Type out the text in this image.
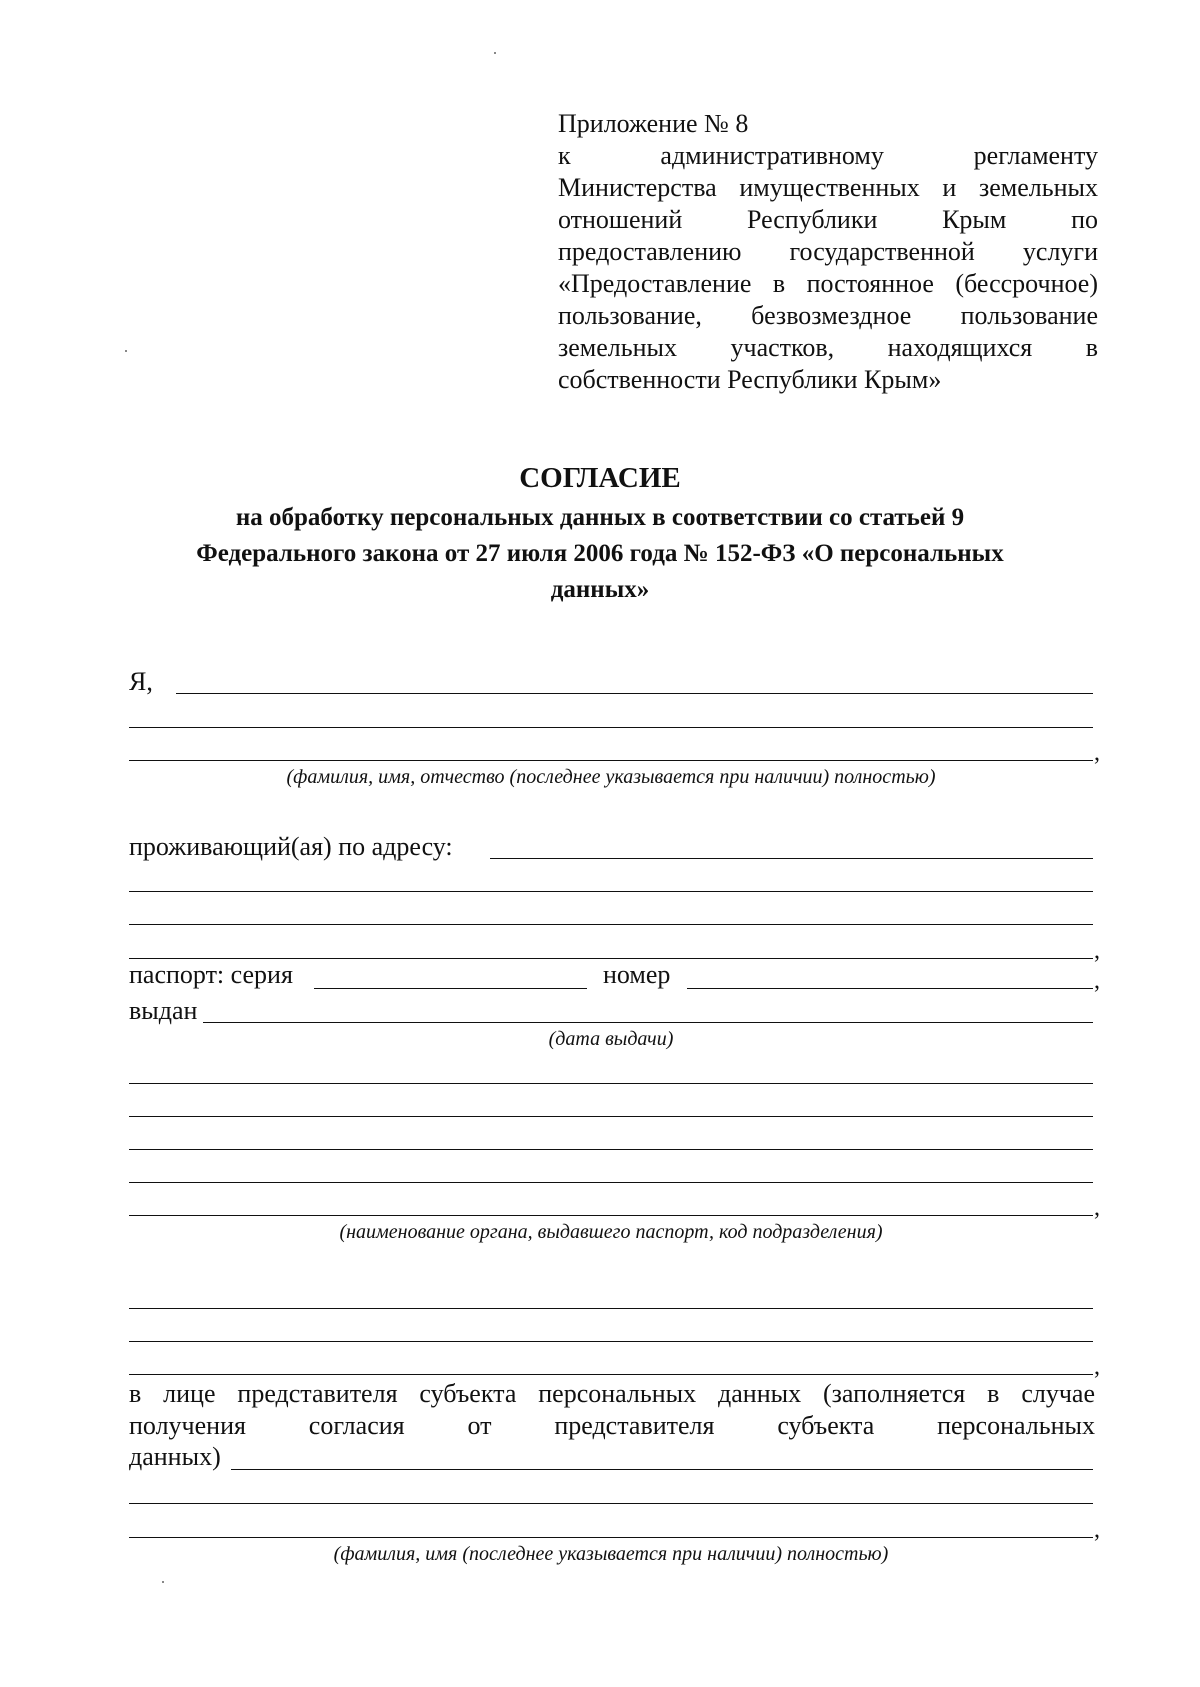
Приложение № 8
к административному регламенту
Министерства имущественных и земельных
отношений Республики Крым по
предоставлению государственной услуги
«Предоставление в постоянное (бессрочное)
пользование, безвозмездное пользование
земельных участков, находящихся в
собственности Республики Крым»
СОГЛАСИЕ
на обработку персональных данных в соответствии со статьей 9
Федерального закона от 27 июля 2006 года № 152-ФЗ «О персональных
данных»
Я,
,
(фамилия, имя, отчество (последнее указывается при наличии) полностью)
проживающий(ая) по адресу:
,
паспорт: серия	номер	,
выдан
(дата выдачи)
,
(наименование органа, выдавшего паспорт, код подразделения)
,
в лице представителя субъекта персональных данных (заполняется в случае
получения согласия от представителя субъекта персональных
данных)
,
(фамилия, имя (последнее указывается при наличии) полностью)
